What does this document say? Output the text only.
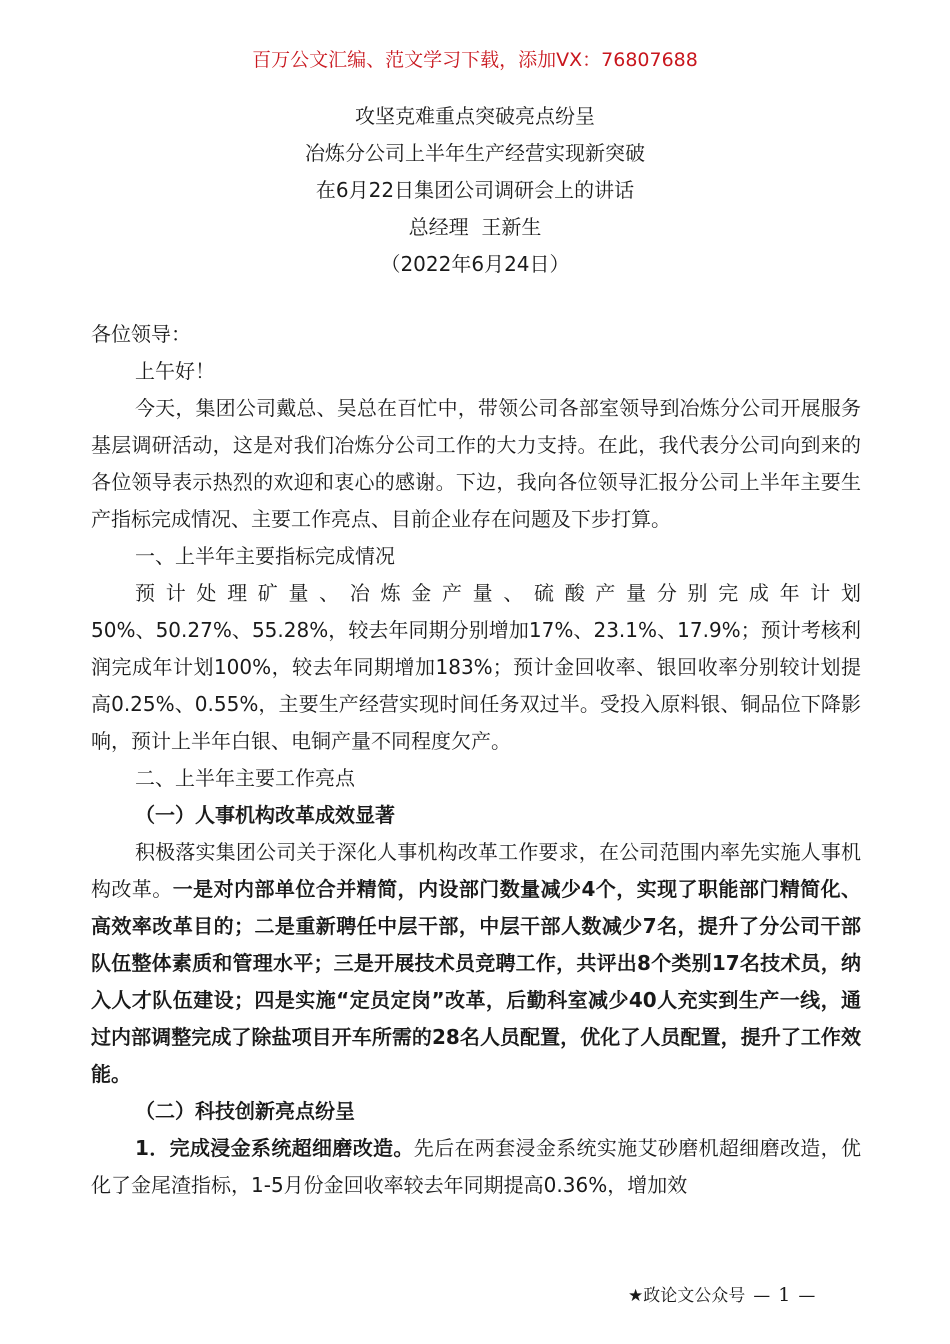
百万公文汇编、范文学习下载，添加VX：76807688
攻坚克难重点突破亮点纷呈
冶炼分公司上半年生产经营实现新突破
在6月22日集团公司调研会上的讲话
总经理  王新生
（2022年6月24日）

各位领导：

上午好！

今天，集团公司戴总、吴总在百忙中，带领公司各部室领导到冶炼分公司开展服务基层调研活动，这是对我们冶炼分公司工作的大力支持。在此，我代表分公司向到来的各位领导表示热烈的欢迎和衷心的感谢。下边，我向各位领导汇报分公司上半年主要生产指标完成情况、主要工作亮点、目前企业存在问题及下步打算。

一、上半年主要指标完成情况

预计处理矿量、冶炼金产量、硫酸产量分别完成年计划

50%、50.27%、55.28%，较去年同期分别增加17%、23.1%、17.9%；预计考核利润完成年计划100%，较去年同期增加183%；预计金回收率、银回收率分别较计划提高0.25%、0.55%，主要生产经营实现时间任务双过半。受投入原料银、铜品位下降影响，预计上半年白银、电铜产量不同程度欠产。

二、上半年主要工作亮点

（一）人事机构改革成效显著

积极落实集团公司关于深化人事机构改革工作要求，在公司范围内率先实施人事机构改革。一是对内部单位合并精简，内设部门数量减少4个，实现了职能部门精简化、高效率改革目的；二是重新聘任中层干部，中层干部人数减少7名，提升了分公司干部队伍整体素质和管理水平；三是开展技术员竞聘工作，共评出8个类别17名技术员，纳入人才队伍建设；四是实施“定员定岗”改革，后勤科室减少40人充实到生产一线，通过内部调整完成了除盐项目开车所需的28名人员配置，优化了人员配置，提升了工作效能。

（二）科技创新亮点纷呈

1．完成浸金系统超细磨改造。先后在两套浸金系统实施艾砂磨机超细磨改造，优化了金尾渣指标，1-5月份金回收率较去年同期提高0.36%，增加效

★政论文公众号 — 1 —
